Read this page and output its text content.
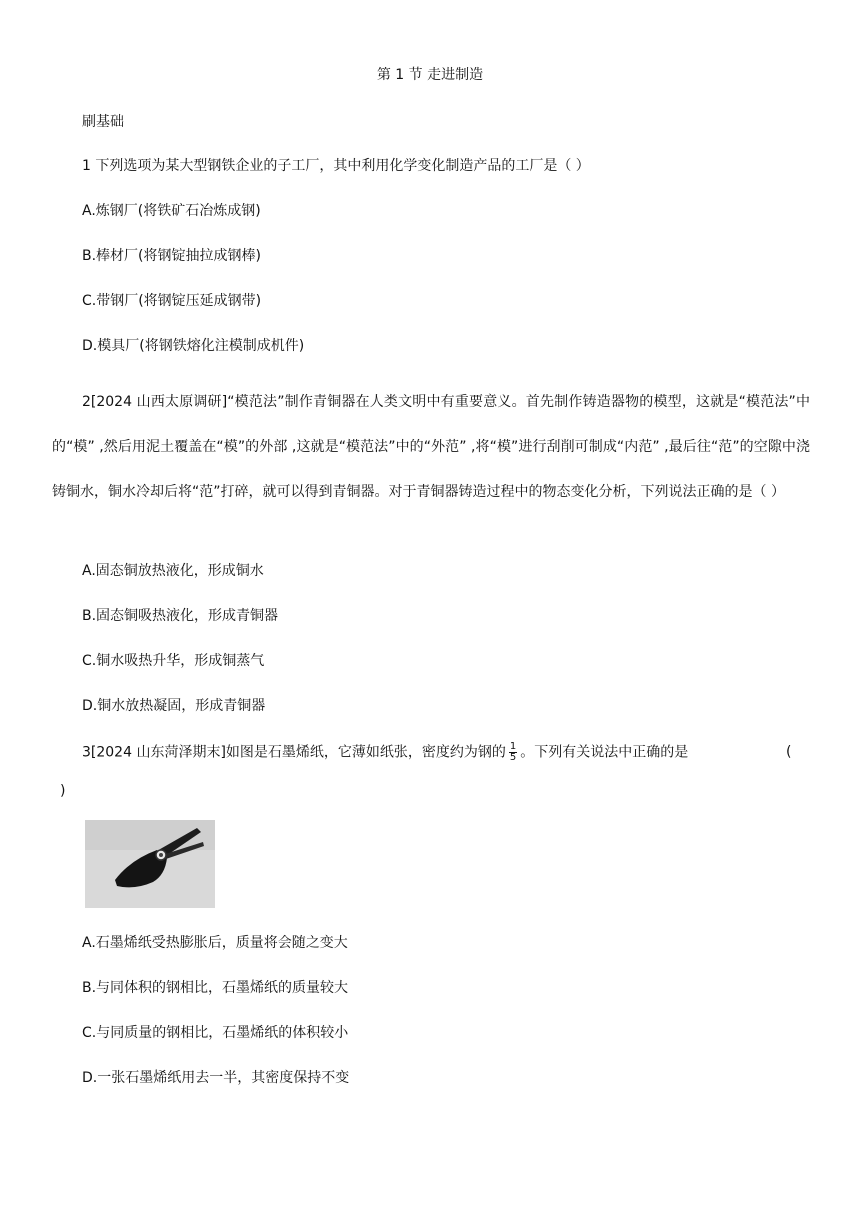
第 1 节 走进制造
刷基础
1 下列选项为某大型钢铁企业的子工厂，其中利用化学变化制造产品的工厂是（ ）
A.炼钢厂(将铁矿石冶炼成钢)
B.棒材厂(将钢锭抽拉成钢棒)
C.带钢厂(将钢锭压延成钢带)
D.模具厂(将钢铁熔化注模制成机件)
2[2024 山西太原调研]“模范法”制作青铜器在人类文明中有重要意义。首先制作铸造器物的模型，这就是“模范法”中的“模” ,然后用泥土覆盖在“模”的外部 ,这就是“模范法”中的“外范” ,将“模”进行刮削可制成“内范” ,最后往“范”的空隙中浇铸铜水，铜水冷却后将“范”打碎，就可以得到青铜器。对于青铜器铸造过程中的物态变化分析，下列说法正确的是（ ）
A.固态铜放热液化，形成铜水
B.固态铜吸热液化，形成青铜器
C.铜水吸热升华，形成铜蒸气
D.铜水放热凝固，形成青铜器
3[2024 山东菏泽期末]如图是石墨烯纸，它薄如纸张，密度约为钢的 $\frac{1}{5}$ 。下列有关说法中正确的是	(
)
A.石墨烯纸受热膨胀后，质量将会随之变大
B.与同体积的钢相比，石墨烯纸的质量较大
C.与同质量的钢相比，石墨烯纸的体积较小
D.一张石墨烯纸用去一半，其密度保持不变
